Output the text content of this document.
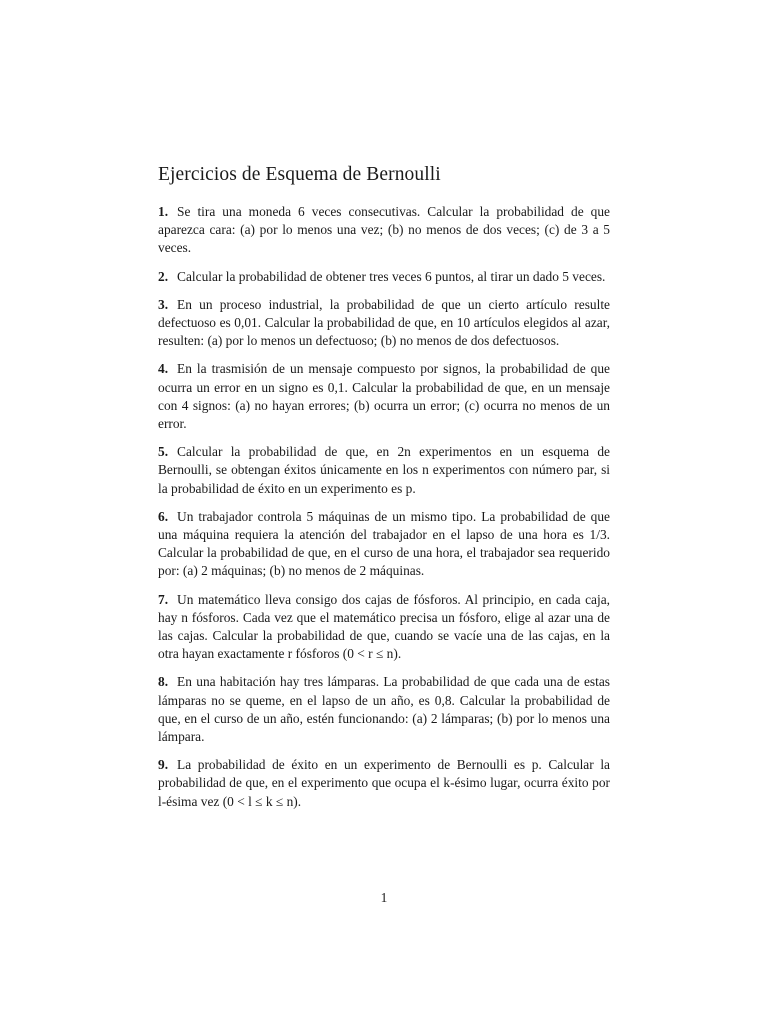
Ejercicios de Esquema de Bernoulli

1. Se tira una moneda 6 veces consecutivas. Calcular la probabilidad de que aparezca cara: (a) por lo menos una vez; (b) no menos de dos veces; (c) de 3 a 5 veces.

2. Calcular la probabilidad de obtener tres veces 6 puntos, al tirar un dado 5 veces.

3. En un proceso industrial, la probabilidad de que un cierto artículo resulte defectuoso es 0,01. Calcular la probabilidad de que, en 10 artículos elegidos al azar, resulten: (a) por lo menos un defectuoso; (b) no menos de dos defectuosos.

4. En la trasmisión de un mensaje compuesto por signos, la probabilidad de que ocurra un error en un signo es 0,1. Calcular la probabilidad de que, en un mensaje con 4 signos: (a) no hayan errores; (b) ocurra un error; (c) ocurra no menos de un error.

5. Calcular la probabilidad de que, en 2n experimentos en un esquema de Bernoulli, se obtengan éxitos únicamente en los n experimentos con número par, si la probabilidad de éxito en un experimento es p.

6. Un trabajador controla 5 máquinas de un mismo tipo. La probabilidad de que una máquina requiera la atención del trabajador en el lapso de una hora es 1/3. Calcular la probabilidad de que, en el curso de una hora, el trabajador sea requerido por: (a) 2 máquinas; (b) no menos de 2 máquinas.

7. Un matemático lleva consigo dos cajas de fósforos. Al principio, en cada caja, hay n fósforos. Cada vez que el matemático precisa un fósforo, elige al azar una de las cajas. Calcular la probabilidad de que, cuando se vacíe una de las cajas, en la otra hayan exactamente r fósforos (0 < r ≤ n).

8. En una habitación hay tres lámparas. La probabilidad de que cada una de estas lámparas no se queme, en el lapso de un año, es 0,8. Calcular la probabilidad de que, en el curso de un año, estén funcionando: (a) 2 lámparas; (b) por lo menos una lámpara.

9. La probabilidad de éxito en un experimento de Bernoulli es p. Calcular la probabilidad de que, en el experimento que ocupa el k-ésimo lugar, ocurra éxito por l-ésima vez (0 < l ≤ k ≤ n).

1
